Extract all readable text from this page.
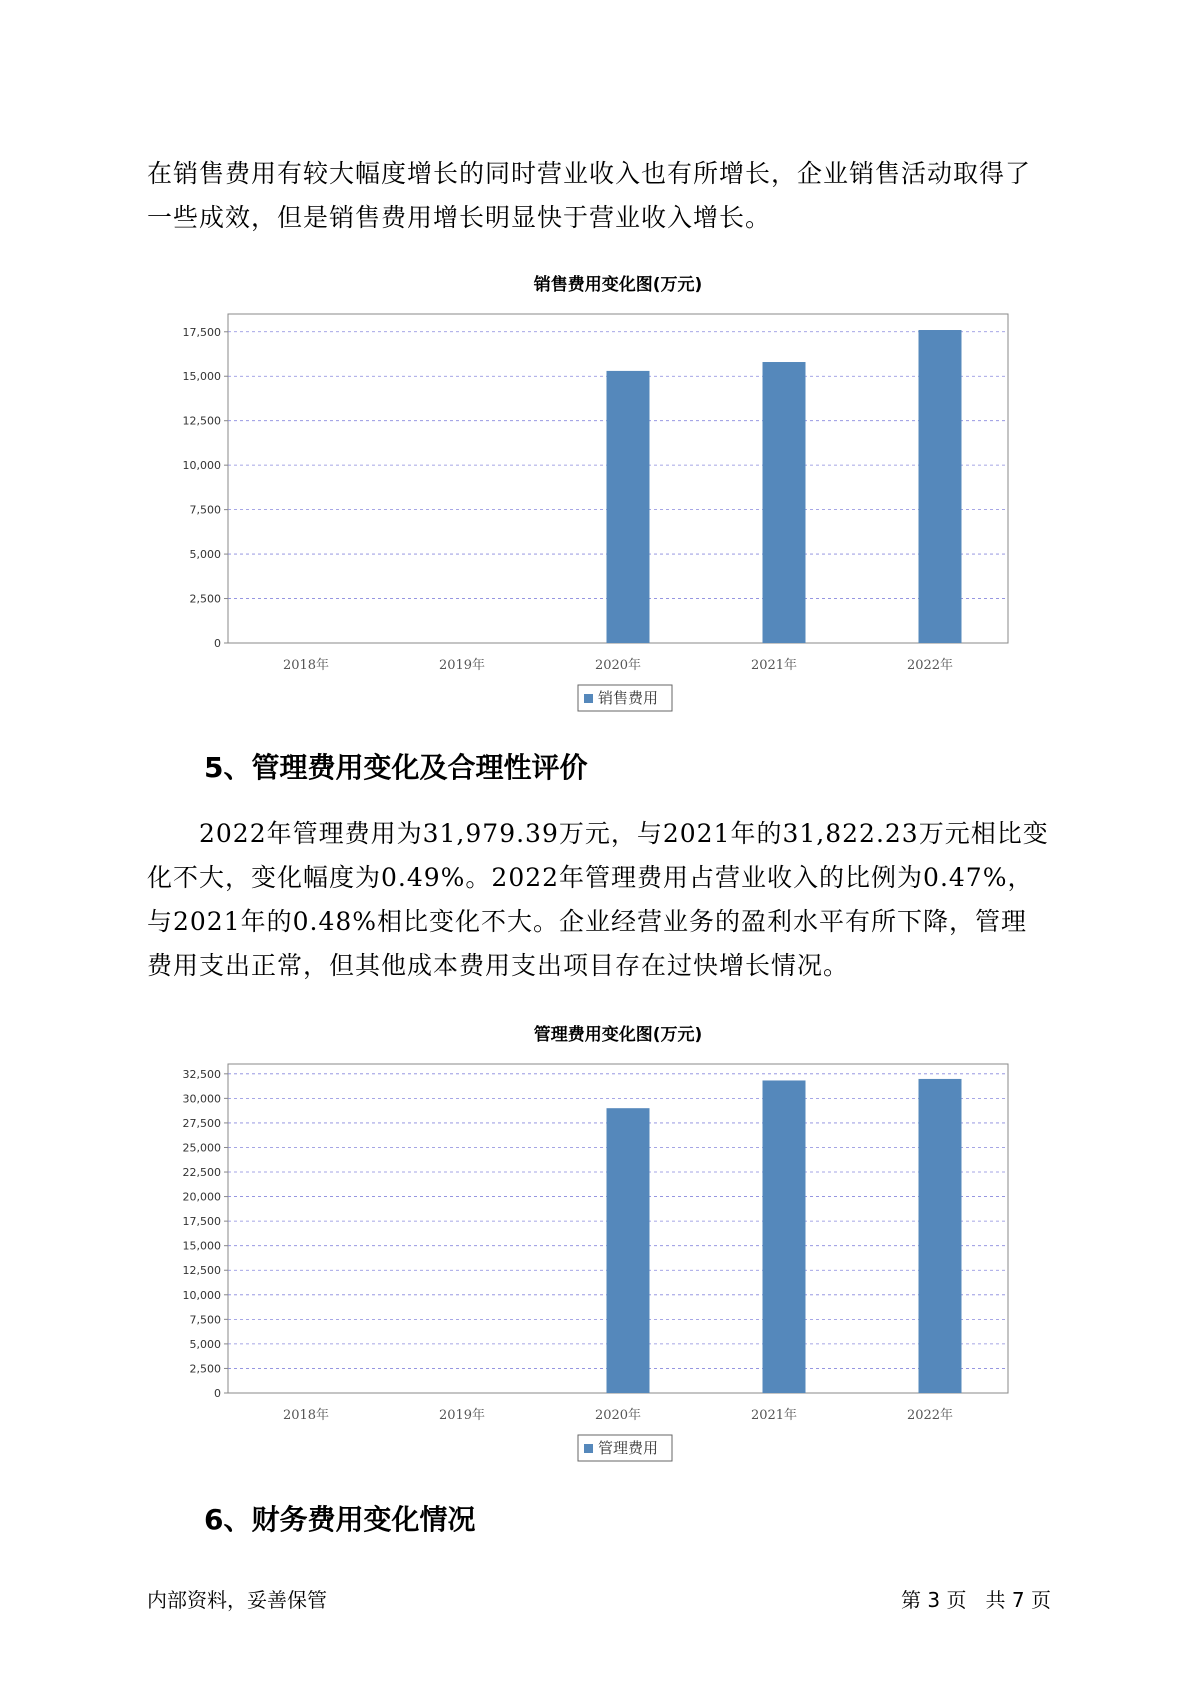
在销售费用有较大幅度增长的同时营业收入也有所增长，企业销售活动取得了一些成效，但是销售费用增长明显快于营业收入增长。

销售费用变化图(万元)
0
2,500
5,000
7,500
10,000
12,500
15,000
17,500
2018年	2019年	2020年	2021年	2022年
销售费用
5、管理费用变化及合理性评价

2022年管理费用为31,979.39万元，与2021年的31,822.23万元相比变化不大，变化幅度为0.49%。2022年管理费用占营业收入的比例为0.47%，与2021年的0.48%相比变化不大。企业经营业务的盈利水平有所下降，管理费用支出正常，但其他成本费用支出项目存在过快增长情况。

管理费用变化图(万元)
0
2,500
5,000
7,500
10,000
12,500
15,000
17,500
20,000
22,500
25,000
27,500
30,000
32,500
2018年	2019年	2020年	2021年	2022年
管理费用
6、财务费用变化情况
内部资料，妥善保管	第 3 页   共 7 页
